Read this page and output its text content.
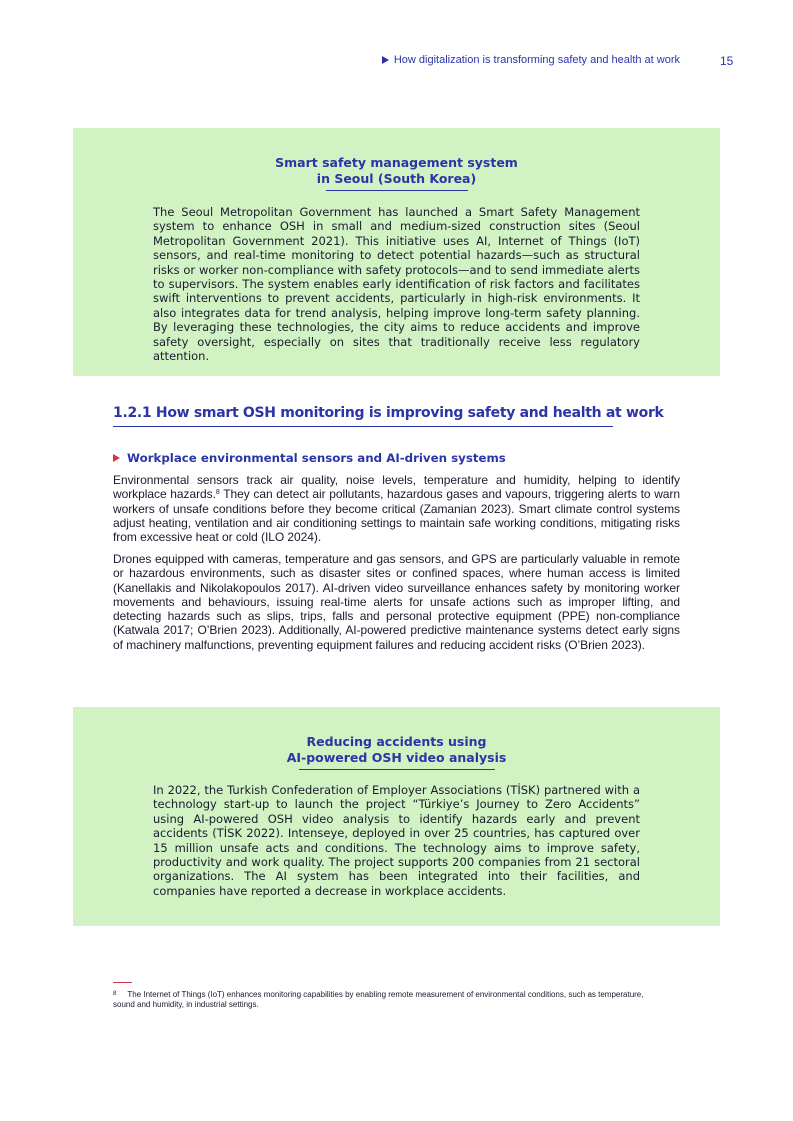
How digitalization is transforming safety and health at work	15
Smart safety management system
in Seoul (South Korea)

The Seoul Metropolitan Government has launched a Smart Safety Management system to enhance OSH in small and medium-sized construction sites (Seoul Metropolitan Government 2021). This initiative uses AI, Internet of Things (IoT) sensors, and real-time monitoring to detect potential hazards—such as structural risks or worker non-compliance with safety protocols—and to send immediate alerts to supervisors. The system enables early identification of risk factors and facilitates swift interventions to prevent accidents, particularly in high-risk environments. It also integrates data for trend analysis, helping improve long-term safety planning. By leveraging these technologies, the city aims to reduce accidents and improve safety oversight, especially on sites that traditionally receive less regulatory attention.

1.2.1 How smart OSH monitoring is improving safety and health at work
Workplace environmental sensors and AI-driven systems

Environmental sensors track air quality, noise levels, temperature and humidity, helping to identify workplace hazards.$^8$ They can detect air pollutants, hazardous gases and vapours, triggering alerts to warn workers of unsafe conditions before they become critical (Zamanian 2023). Smart climate control systems adjust heating, ventilation and air conditioning settings to maintain safe working conditions, mitigating risks from excessive heat or cold (ILO 2024).

Drones equipped with cameras, temperature and gas sensors, and GPS are particularly valuable in remote or hazardous environments, such as disaster sites or confined spaces, where human access is limited (Kanellakis and Nikolakopoulos 2017). AI-driven video surveillance enhances safety by monitoring worker movements and behaviours, issuing real-time alerts for unsafe actions such as improper lifting, and detecting hazards such as slips, trips, falls and personal protective equipment (PPE) non-compliance (Katwala 2017; O’Brien 2023). Additionally, AI-powered predictive maintenance systems detect early signs of machinery malfunctions, preventing equipment failures and reducing accident risks (O’Brien 2023).

Reducing accidents using
AI-powered OSH video analysis

In 2022, the Turkish Confederation of Employer Associations (TİSK) partnered with a technology start-up to launch the project “Türkiye’s Journey to Zero Accidents” using AI-powered OSH video analysis to identify hazards early and prevent accidents (TİSK 2022). Intenseye, deployed in over 25 countries, has captured over 15 million unsafe acts and conditions. The technology aims to improve safety, productivity and work quality. The project supports 200 companies from 21 sectoral organizations. The AI system has been integrated into their facilities, and companies have reported a decrease in workplace accidents.

$^8$ The Internet of Things (IoT) enhances monitoring capabilities by enabling remote measurement of environmental conditions, such as temperature, sound and humidity, in industrial settings.
